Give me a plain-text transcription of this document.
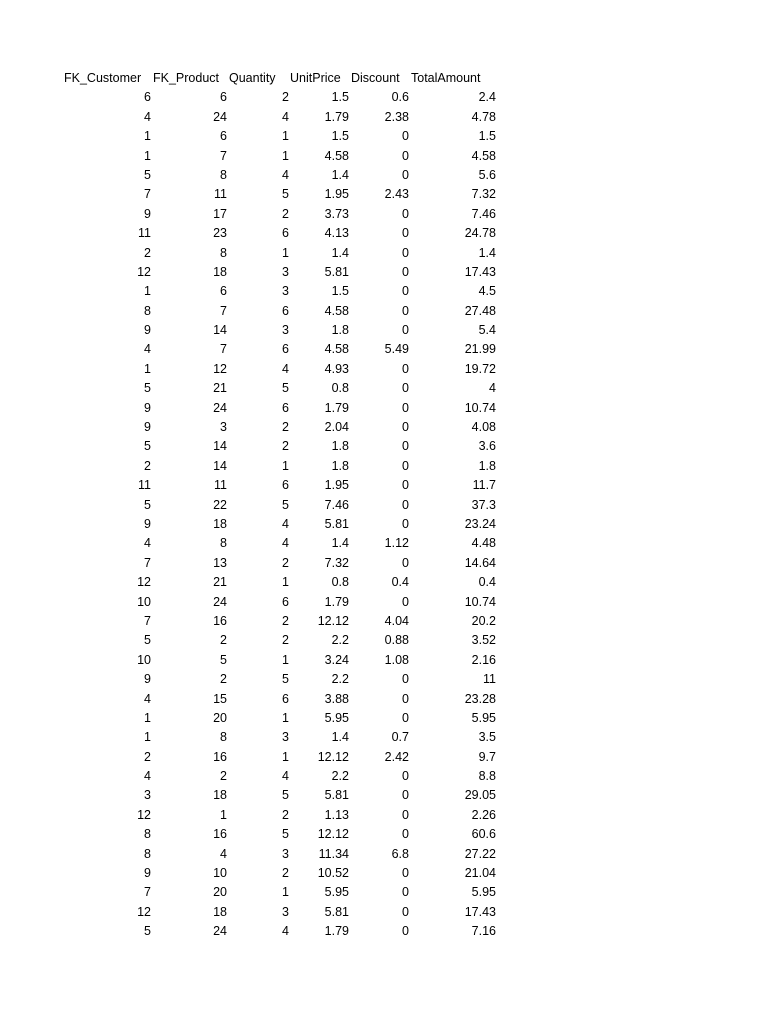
FK_Customer FK_Product Quantity UnitPrice Discount TotalAmount
6	6	2	1.5	0.6	2.4
4	24	4	1.79	2.38	4.78
1	6	1	1.5	0	1.5
1	7	1	4.58	0	4.58
5	8	4	1.4	0	5.6
7	11	5	1.95	2.43	7.32
9	17	2	3.73	0	7.46
11	23	6	4.13	0	24.78
2	8	1	1.4	0	1.4
12	18	3	5.81	0	17.43
1	6	3	1.5	0	4.5
8	7	6	4.58	0	27.48
9	14	3	1.8	0	5.4
4	7	6	4.58	5.49	21.99
1	12	4	4.93	0	19.72
5	21	5	0.8	0	4
9	24	6	1.79	0	10.74
9	3	2	2.04	0	4.08
5	14	2	1.8	0	3.6
2	14	1	1.8	0	1.8
11	11	6	1.95	0	11.7
5	22	5	7.46	0	37.3
9	18	4	5.81	0	23.24
4	8	4	1.4	1.12	4.48
7	13	2	7.32	0	14.64
12	21	1	0.8	0.4	0.4
10	24	6	1.79	0	10.74
7	16	2	12.12	4.04	20.2
5	2	2	2.2	0.88	3.52
10	5	1	3.24	1.08	2.16
9	2	5	2.2	0	11
4	15	6	3.88	0	23.28
1	20	1	5.95	0	5.95
1	8	3	1.4	0.7	3.5
2	16	1	12.12	2.42	9.7
4	2	4	2.2	0	8.8
3	18	5	5.81	0	29.05
12	1	2	1.13	0	2.26
8	16	5	12.12	0	60.6
8	4	3	11.34	6.8	27.22
9	10	2	10.52	0	21.04
7	20	1	5.95	0	5.95
12	18	3	5.81	0	17.43
5	24	4	1.79	0	7.16
